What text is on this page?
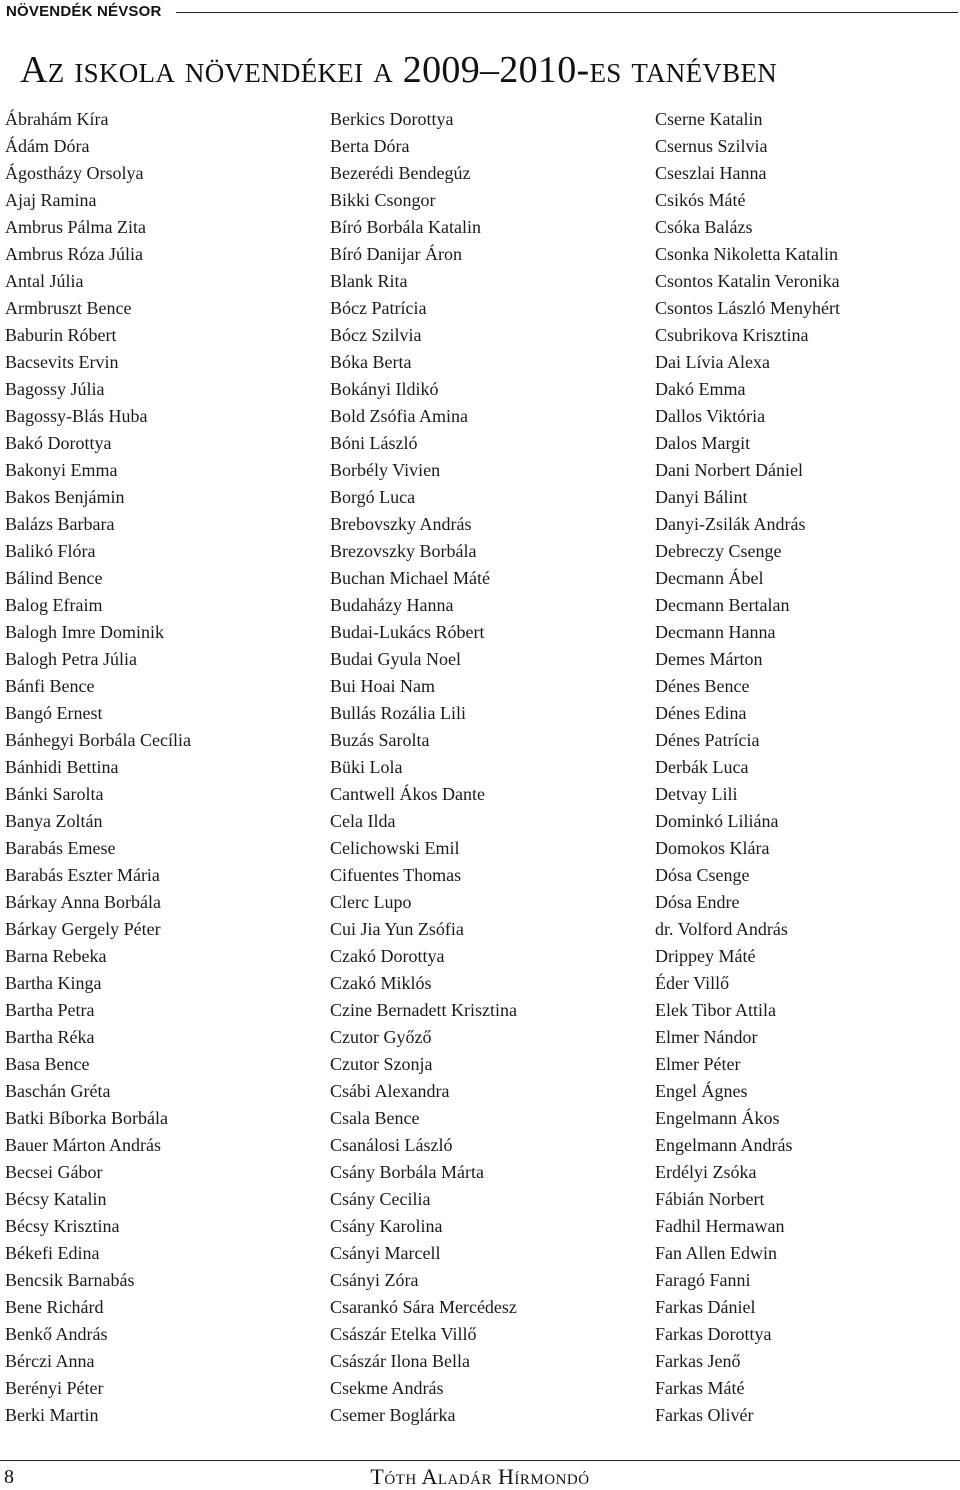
NÖVENDÉK NÉVSOR
Az iskola növendékei a 2009–2010-es tanévben
Ábrahám Kíra
Ádám Dóra
Ágostházy Orsolya
Ajaj Ramina
Ambrus Pálma Zita
Ambrus Róza Júlia
Antal Júlia
Armbruszt Bence
Baburin Róbert
Bacsevits Ervin
Bagossy Júlia
Bagossy-Blás Huba
Bakó Dorottya
Bakonyi Emma
Bakos Benjámin
Balázs Barbara
Balikó Flóra
Bálind Bence
Balog Efraim
Balogh Imre Dominik
Balogh Petra Júlia
Bánfi Bence
Bangó Ernest
Bánhegyi Borbála Cecília
Bánhidi Bettina
Bánki Sarolta
Banya Zoltán
Barabás Emese
Barabás Eszter Mária
Bárkay Anna Borbála
Bárkay Gergely Péter
Barna Rebeka
Bartha Kinga
Bartha Petra
Bartha Réka
Basa Bence
Baschán Gréta
Batki Bíborka Borbála
Bauer Márton András
Becsei Gábor
Bécsy Katalin
Bécsy Krisztina
Békefi Edina
Bencsik Barnabás
Bene Richárd
Benkő András
Bérczi Anna
Berényi Péter
Berki Martin
Berkics Dorottya
Berta Dóra
Bezerédi Bendegúz
Bikki Csongor
Bíró Borbála Katalin
Bíró Danijar Áron
Blank Rita
Bócz Patrícia
Bócz Szilvia
Bóka Berta
Bokányi Ildikó
Bold Zsófia Amina
Bóni László
Borbély Vivien
Borgó Luca
Brebovszky András
Brezovszky Borbála
Buchan Michael Máté
Budaházy Hanna
Budai-Lukács Róbert
Budai Gyula Noel
Bui Hoai Nam
Bullás Rozália Lili
Buzás Sarolta
Büki Lola
Cantwell Ákos Dante
Cela Ilda
Celichowski Emil
Cifuentes Thomas
Clerc Lupo
Cui Jia Yun Zsófia
Czakó Dorottya
Czakó Miklós
Czine Bernadett Krisztina
Czutor Győző
Czutor Szonja
Csábi Alexandra
Csala Bence
Csanálosi László
Csány Borbála Márta
Csány Cecilia
Csány Karolina
Csányi Marcell
Csányi Zóra
Csarankó Sára Mercédesz
Császár Etelka Villő
Császár Ilona Bella
Csekme András
Csemer Boglárka
Cserne Katalin
Csernus Szilvia
Cseszlai Hanna
Csikós Máté
Csóka Balázs
Csonka Nikoletta Katalin
Csontos Katalin Veronika
Csontos László Menyhért
Csubrikova Krisztina
Dai Lívia Alexa
Dakó Emma
Dallos Viktória
Dalos Margit
Dani Norbert Dániel
Danyi Bálint
Danyi-Zsilák András
Debreczy Csenge
Decmann Ábel
Decmann Bertalan
Decmann Hanna
Demes Márton
Dénes Bence
Dénes Edina
Dénes Patrícia
Derbák Luca
Detvay Lili
Dominkó Liliána
Domokos Klára
Dósa Csenge
Dósa Endre
dr. Volford András
Drippey Máté
Éder Villő
Elek Tibor Attila
Elmer Nándor
Elmer Péter
Engel Ágnes
Engelmann Ákos
Engelmann András
Erdélyi Zsóka
Fábián Norbert
Fadhil Hermawan
Fan Allen Edwin
Faragó Fanni
Farkas Dániel
Farkas Dorottya
Farkas Jenő
Farkas Máté
Farkas Olivér
8	Tóth Aladár Hírmondó
